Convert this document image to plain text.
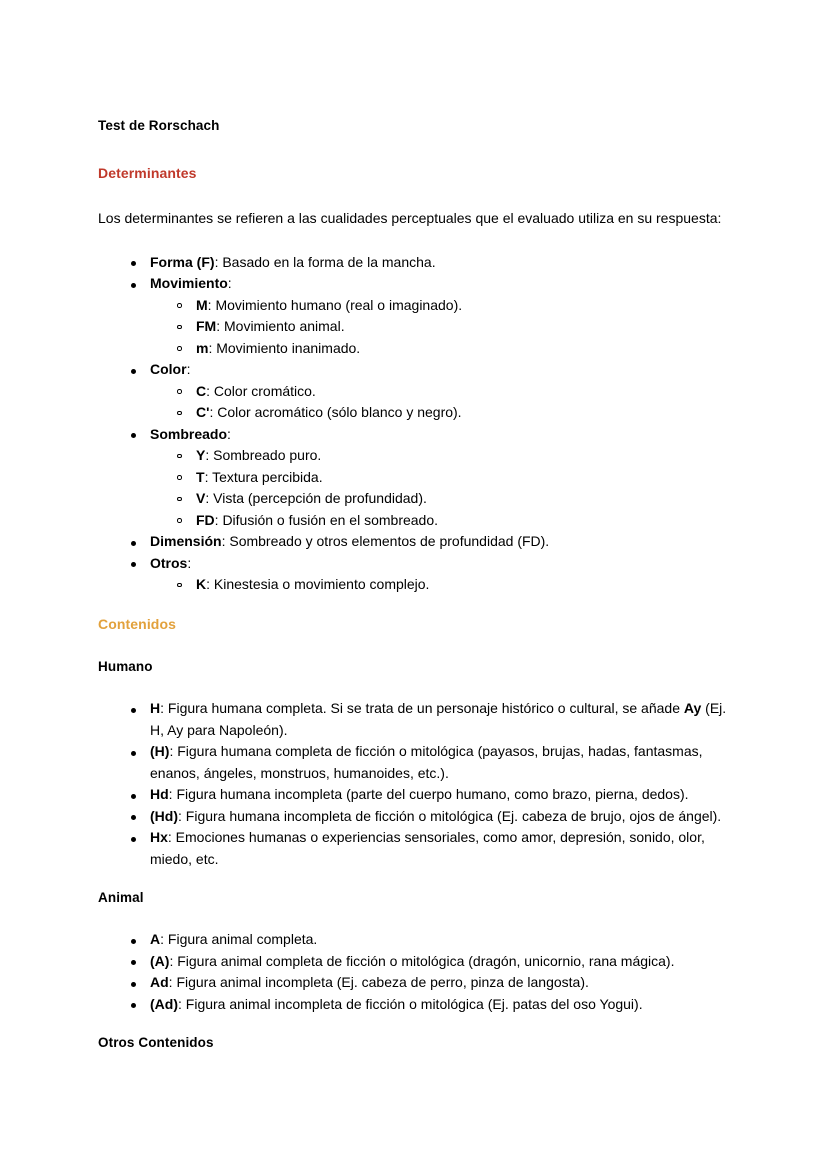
Test de Rorschach
Determinantes

Los determinantes se refieren a las cualidades perceptuales que el evaluado utiliza en su respuesta:

Forma (F): Basado en la forma de la mancha.
Movimiento:
M: Movimiento humano (real o imaginado).
FM: Movimiento animal.
m: Movimiento inanimado.
Color:
C: Color cromático.
C': Color acromático (sólo blanco y negro).
Sombreado:
Y: Sombreado puro.
T: Textura percibida.
V: Vista (percepción de profundidad).
FD: Difusión o fusión en el sombreado.
Dimensión: Sombreado y otros elementos de profundidad (FD).
Otros:
K: Kinestesia o movimiento complejo.
Contenidos
Humano
H: Figura humana completa. Si se trata de un personaje histórico o cultural, se añade Ay (Ej. H, Ay para Napoleón).
(H): Figura humana completa de ficción o mitológica (payasos, brujas, hadas, fantasmas, enanos, ángeles, monstruos, humanoides, etc.).
Hd: Figura humana incompleta (parte del cuerpo humano, como brazo, pierna, dedos).
(Hd): Figura humana incompleta de ficción o mitológica (Ej. cabeza de brujo, ojos de ángel).
Hx: Emociones humanas o experiencias sensoriales, como amor, depresión, sonido, olor, miedo, etc.
Animal
A: Figura animal completa.
(A): Figura animal completa de ficción o mitológica (dragón, unicornio, rana mágica).
Ad: Figura animal incompleta (Ej. cabeza de perro, pinza de langosta).
(Ad): Figura animal incompleta de ficción o mitológica (Ej. patas del oso Yogui).
Otros Contenidos
